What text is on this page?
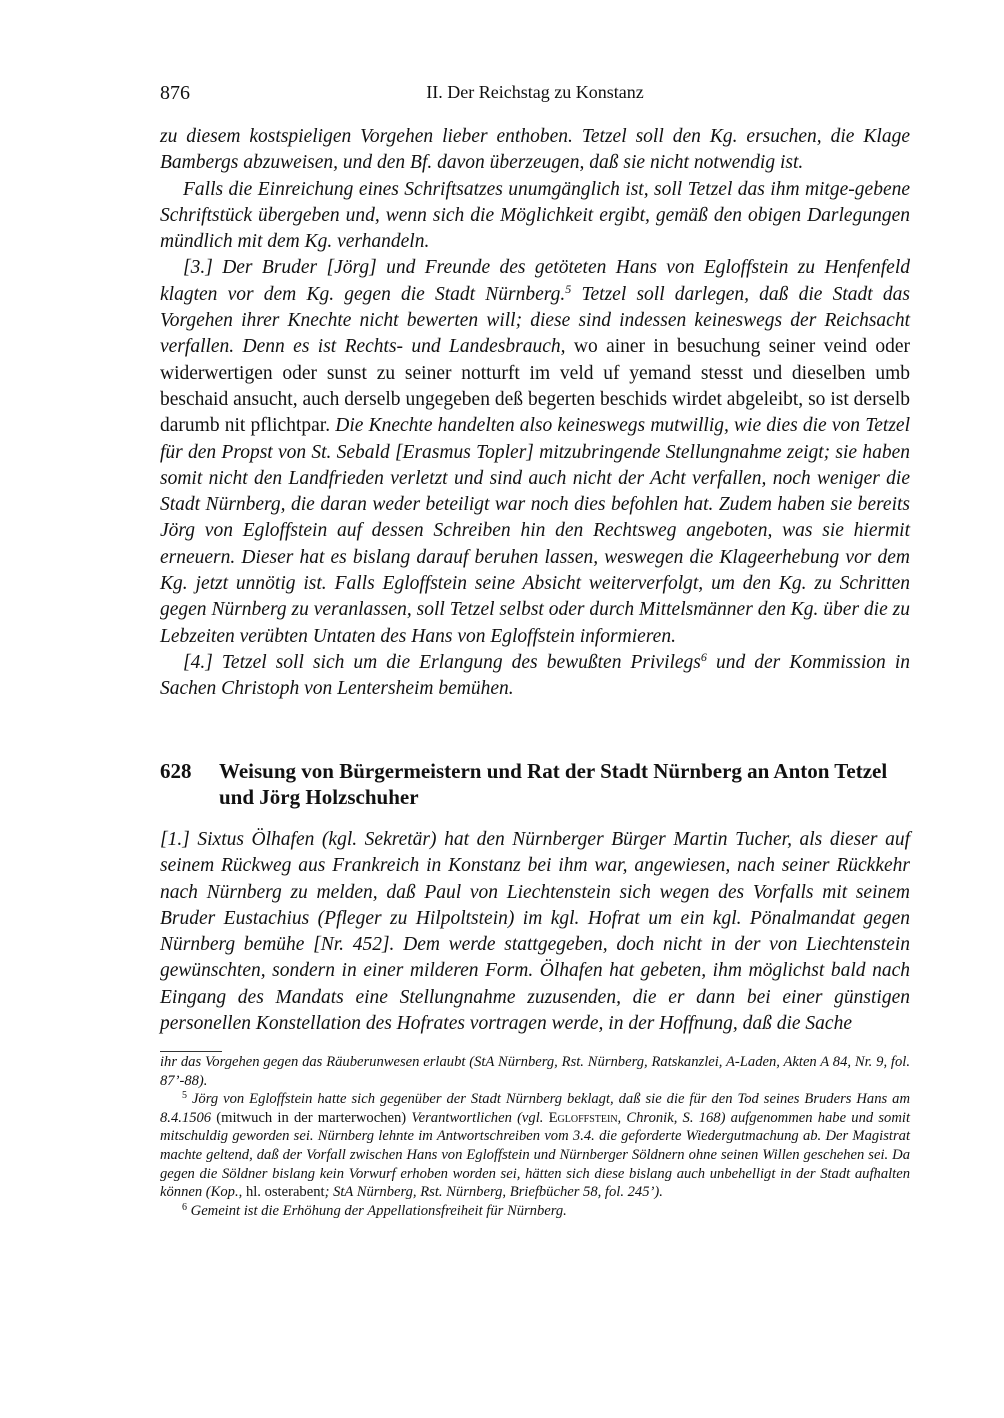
876	II. Der Reichstag zu Konstanz

zu diesem kostspieligen Vorgehen lieber enthoben. Tetzel soll den Kg. ersuchen, die Klage Bambergs abzuweisen, und den Bf. davon überzeugen, daß sie nicht notwendig ist.

Falls die Einreichung eines Schriftsatzes unumgänglich ist, soll Tetzel das ihm mitge-gebene Schriftstück übergeben und, wenn sich die Möglichkeit ergibt, gemäß den obigen Darlegungen mündlich mit dem Kg. verhandeln.

[3.] Der Bruder [Jörg] und Freunde des getöteten Hans von Egloffstein zu Henfenfeld klagten vor dem Kg. gegen die Stadt Nürnberg.$^5$ Tetzel soll darlegen, daß die Stadt das Vorgehen ihrer Knechte nicht bewerten will; diese sind indessen keineswegs der Reichsacht verfallen. Denn es ist Rechts- und Landesbrauch, wo ainer in besuchung seiner veind oder widerwertigen oder sunst zu seiner notturft im veld uf yemand stesst und dieselben umb beschaid ansucht, auch derselb ungegeben deß begerten beschids wirdet abgeleibt, so ist derselb darumb nit pflichtpar. Die Knechte handelten also keineswegs mutwillig, wie dies die von Tetzel für den Propst von St. Sebald [Erasmus Topler] mitzubringende Stellungnahme zeigt; sie haben somit nicht den Landfrieden verletzt und sind auch nicht der Acht verfallen, noch weniger die Stadt Nürnberg, die daran weder beteiligt war noch dies befohlen hat. Zudem haben sie bereits Jörg von Egloffstein auf dessen Schreiben hin den Rechtsweg angeboten, was sie hiermit erneuern. Dieser hat es bislang darauf beruhen lassen, weswegen die Klageerhebung vor dem Kg. jetzt unnötig ist. Falls Egloffstein seine Absicht weiterverfolgt, um den Kg. zu Schritten gegen Nürnberg zu veranlassen, soll Tetzel selbst oder durch Mittelsmänner den Kg. über die zu Lebzeiten verübten Untaten des Hans von Egloffstein informieren.

[4.] Tetzel soll sich um die Erlangung des bewußten Privilegs$^6$ und der Kommission in Sachen Christoph von Lentersheim bemühen.

628 Weisung von Bürgermeistern und Rat der Stadt Nürnberg an Anton Tetzel und Jörg Holzschuher

[1.] Sixtus Ölhafen (kgl. Sekretär) hat den Nürnberger Bürger Martin Tucher, als dieser auf seinem Rückweg aus Frankreich in Konstanz bei ihm war, angewiesen, nach seiner Rückkehr nach Nürnberg zu melden, daß Paul von Liechtenstein sich wegen des Vorfalls mit seinem Bruder Eustachius (Pfleger zu Hilpoltstein) im kgl. Hofrat um ein kgl. Pönalmandat gegen Nürnberg bemühe [Nr. 452]. Dem werde stattgegeben, doch nicht in der von Liechtenstein gewünschten, sondern in einer milderen Form. Ölhafen hat gebeten, ihm möglichst bald nach Eingang des Mandats eine Stellungnahme zuzusenden, die er dann bei einer günstigen personellen Konstellation des Hofrates vortragen werde, in der Hoffnung, daß die Sache

ihr das Vorgehen gegen das Räuberunwesen erlaubt (StA Nürnberg, Rst. Nürnberg, Ratskanzlei, A-Laden, Akten A 84, Nr. 9, fol. 87’-88).

$^5$ Jörg von Egloffstein hatte sich gegenüber der Stadt Nürnberg beklagt, daß sie die für den Tod seines Bruders Hans am 8.4.1506 (mitwuch in der marterwochen) Verantwortlichen (vgl. Egloffstein, Chronik, S. 168) aufgenommen habe und somit mitschuldig geworden sei. Nürnberg lehnte im Antwortschreiben vom 3.4. die geforderte Wiedergutmachung ab. Der Magistrat machte geltend, daß der Vorfall zwischen Hans von Egloffstein und Nürnberger Söldnern ohne seinen Willen geschehen sei. Da gegen die Söldner bislang kein Vorwurf erhoben worden sei, hätten sich diese bislang auch unbehelligt in der Stadt aufhalten können (Kop., hl. osterabent; StA Nürnberg, Rst. Nürnberg, Briefbücher 58, fol. 245’).

$^6$ Gemeint ist die Erhöhung der Appellationsfreiheit für Nürnberg.
